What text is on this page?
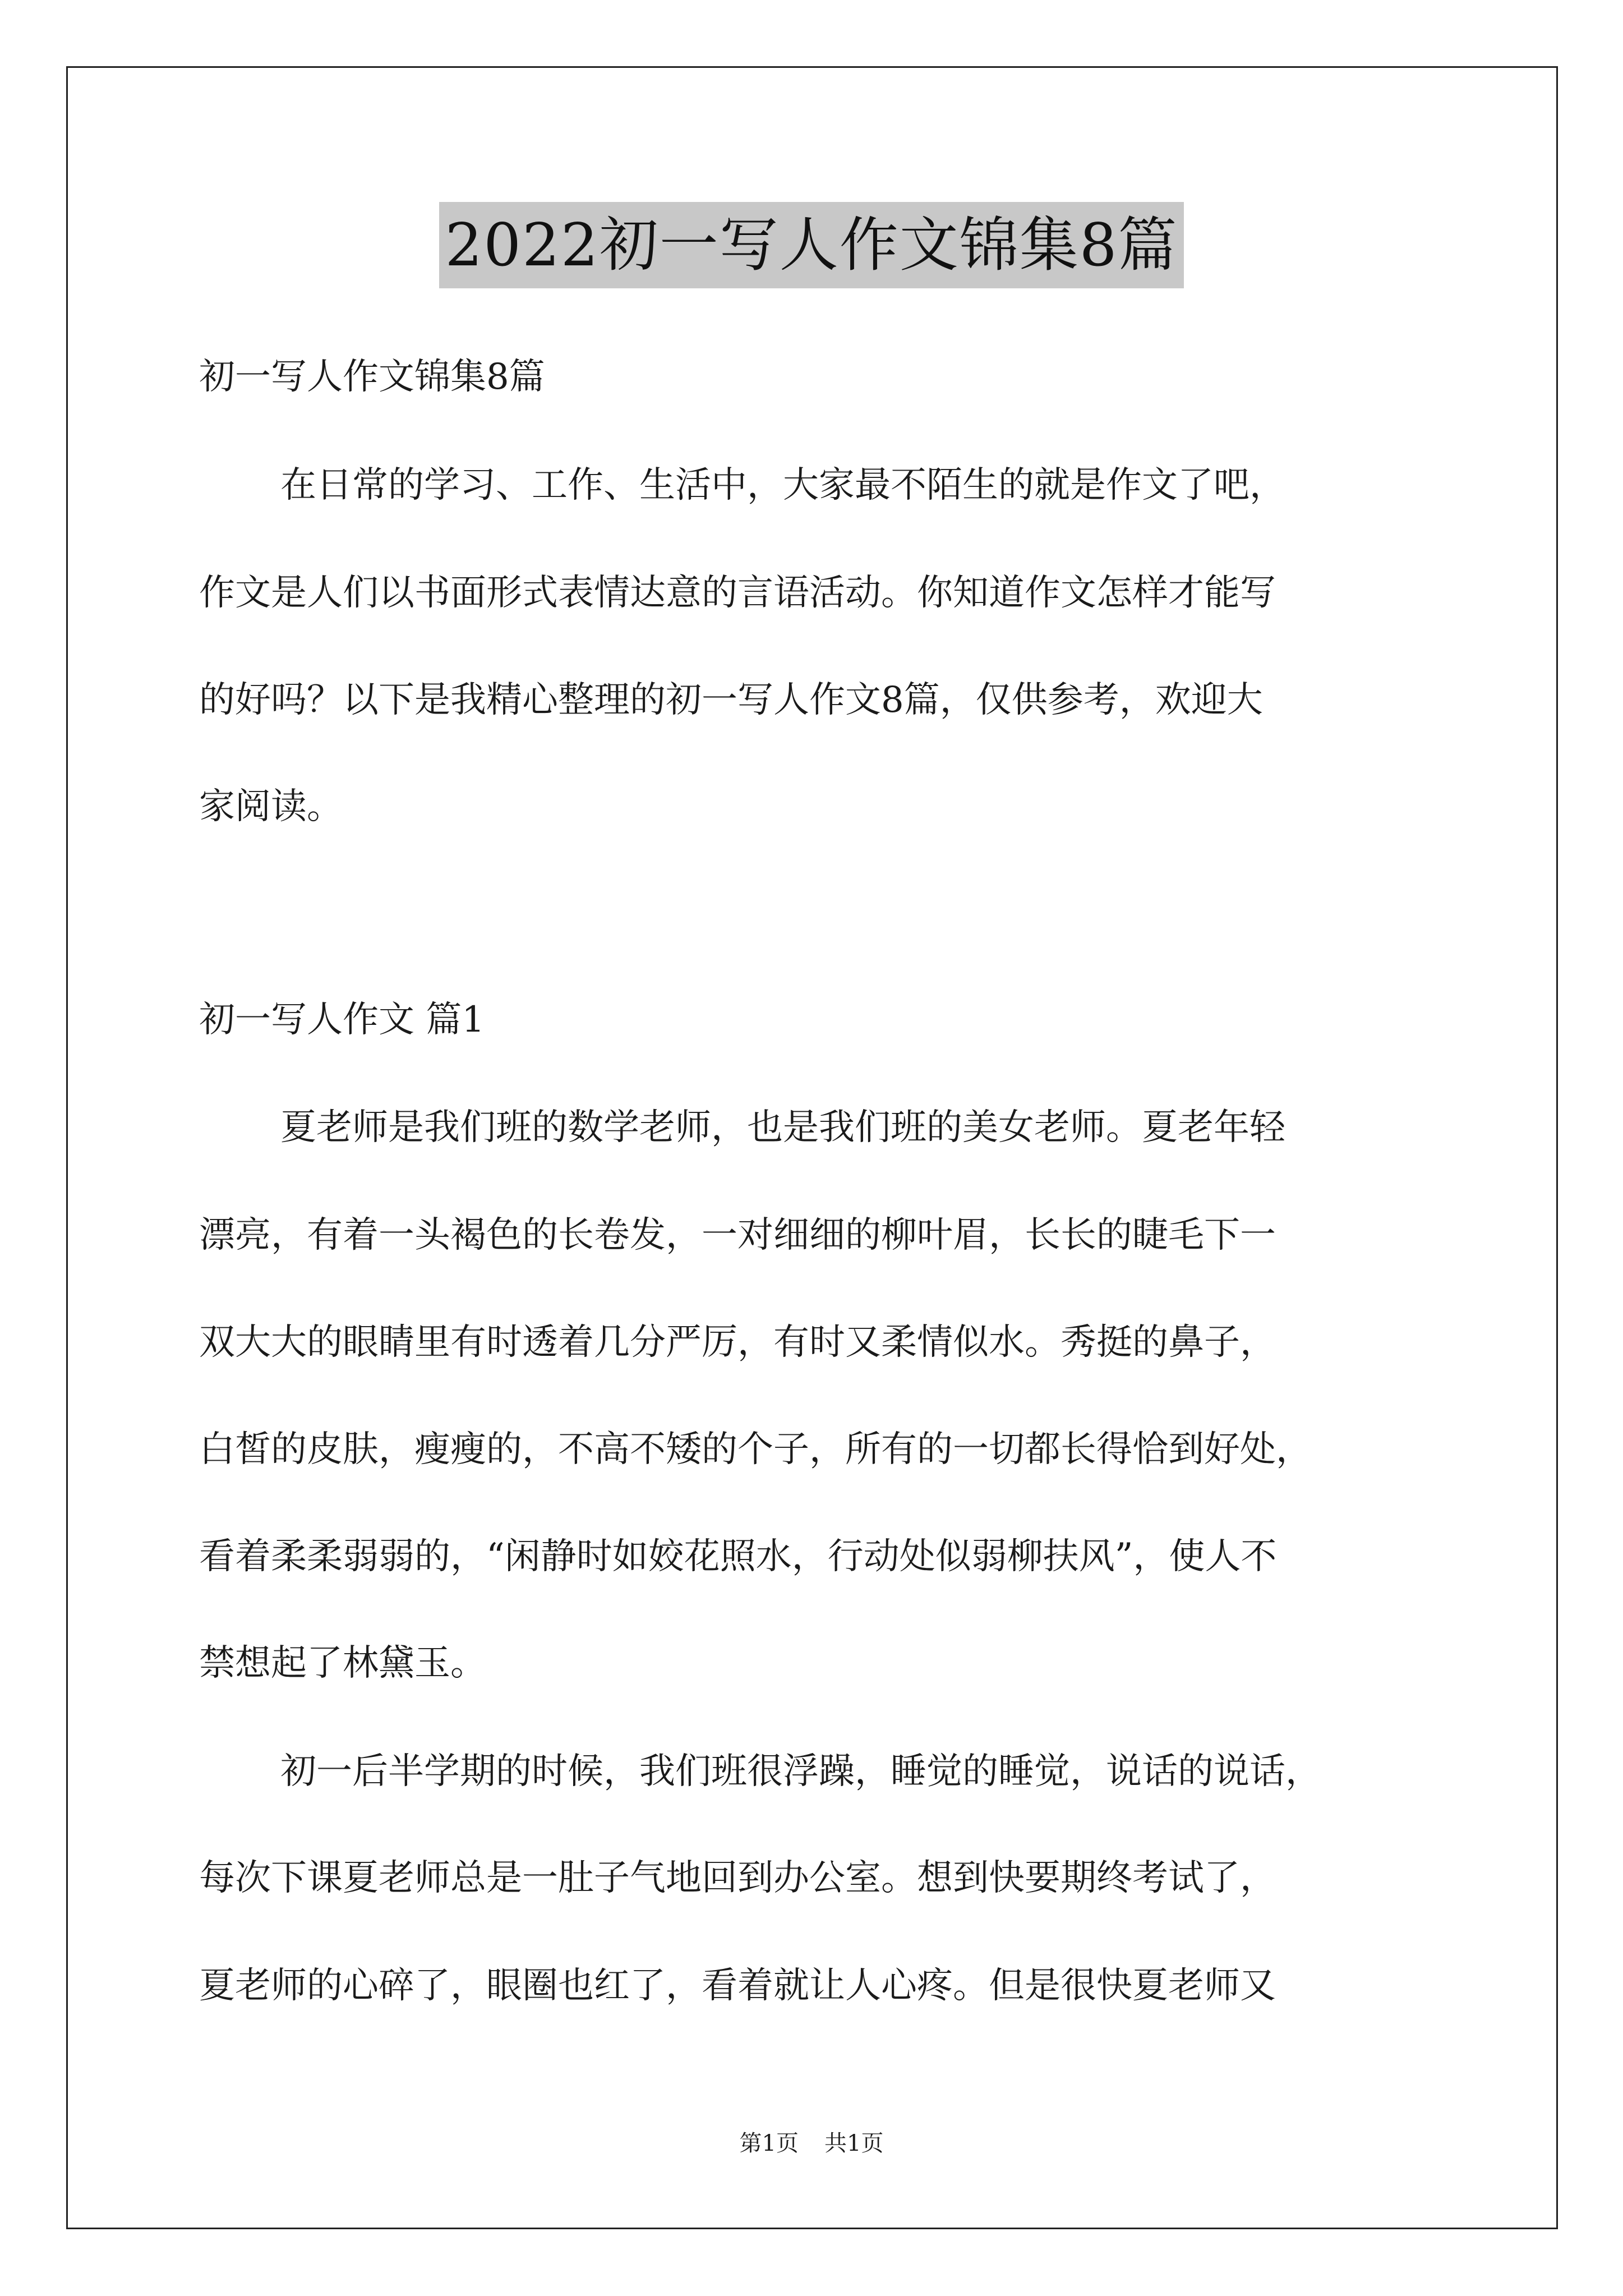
2022初一写人作文锦集8篇
初一写人作文锦集8篇
在日常的学习、工作、生活中，大家最不陌生的就是作文了吧，
作文是人们以书面形式表情达意的言语活动。你知道作文怎样才能写
的好吗？以下是我精心整理的初一写人作文8篇，仅供参考，欢迎大
家阅读。
初一写人作文 篇1
夏老师是我们班的数学老师，也是我们班的美女老师。夏老年轻
漂亮，有着一头褐色的长卷发，一对细细的柳叶眉，长长的睫毛下一
双大大的眼睛里有时透着几分严厉，有时又柔情似水。秀挺的鼻子，
白皙的皮肤，瘦瘦的，不高不矮的个子，所有的一切都长得恰到好处，
看着柔柔弱弱的，“闲静时如姣花照水，行动处似弱柳扶风”，使人不
禁想起了林黛玉。
初一后半学期的时候，我们班很浮躁，睡觉的睡觉，说话的说话，
每次下课夏老师总是一肚子气地回到办公室。想到快要期终考试了，
夏老师的心碎了，眼圈也红了，看着就让人心疼。但是很快夏老师又
第1页 共1页
